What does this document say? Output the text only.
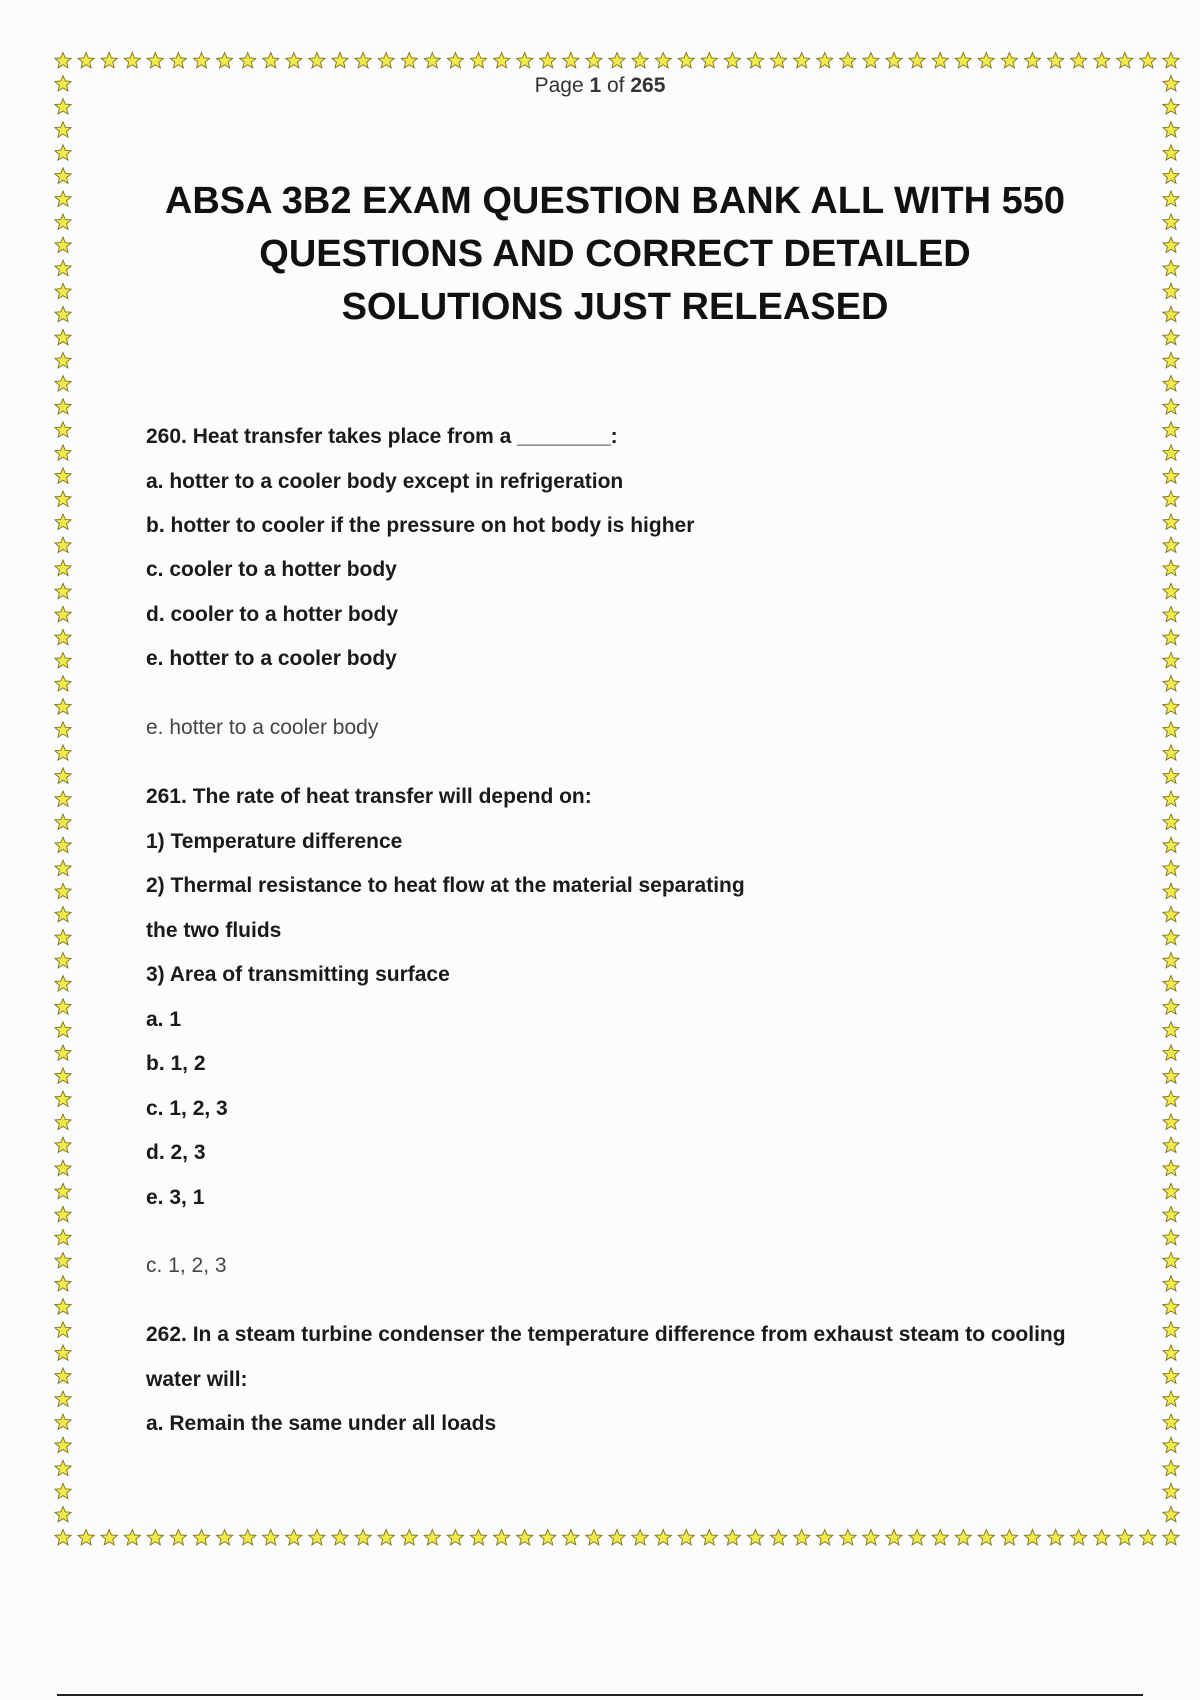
Page 1 of 265
ABSA 3B2 EXAM QUESTION BANK ALL WITH 550 QUESTIONS AND CORRECT DETAILED SOLUTIONS JUST RELEASED
260. Heat transfer takes place from a ________:
a. hotter to a cooler body except in refrigeration
b. hotter to cooler if the pressure on hot body is higher
c. cooler to a hotter body
d. cooler to a hotter body
e. hotter to a cooler body
e. hotter to a cooler body
261. The rate of heat transfer will depend on:
1) Temperature difference
2) Thermal resistance to heat flow at the material separating
the two fluids
3) Area of transmitting surface
a. 1
b. 1, 2
c. 1, 2, 3
d. 2, 3
e. 3, 1
c. 1, 2, 3
262. In a steam turbine condenser the temperature difference from exhaust steam to cooling
water will:
a. Remain the same under all loads
